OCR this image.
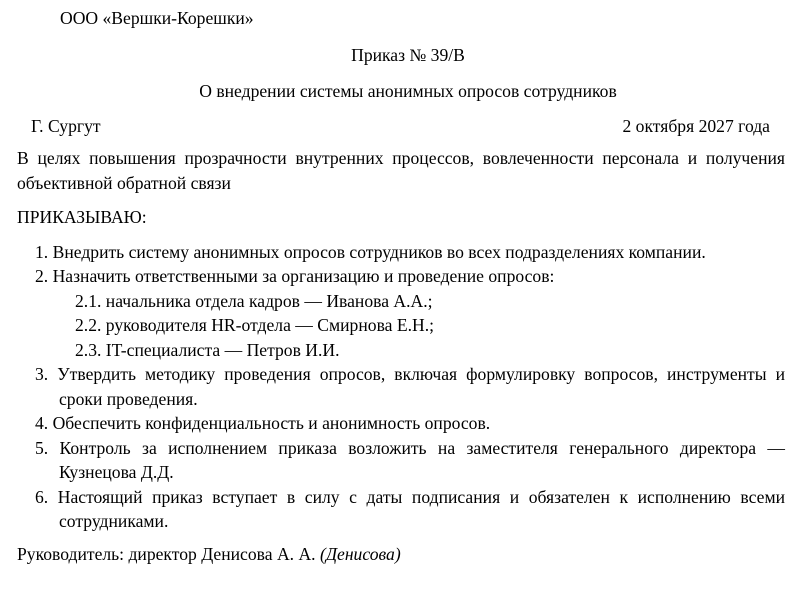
ООО «Вершки-Корешки»
Приказ № 39/В
О внедрении системы анонимных опросов сотрудников
Г. Сургут	2 октября 2027 года
В целях повышения прозрачности внутренних процессов, вовлеченности персонала и получения объективной обратной связи
ПРИКАЗЫВАЮ:
1. Внедрить систему анонимных опросов сотрудников во всех подразделениях компании.
2. Назначить ответственными за организацию и проведение опросов:
2.1. начальника отдела кадров — Иванова А.А.;
2.2. руководителя HR-отдела — Смирнова Е.Н.;
2.3. IT-специалиста — Петров И.И.
3. Утвердить методику проведения опросов, включая формулировку вопросов, инструменты и сроки проведения.
4. Обеспечить конфиденциальность и анонимность опросов.
5. Контроль за исполнением приказа возложить на заместителя генерального директора — Кузнецова Д.Д.
6. Настоящий приказ вступает в силу с даты подписания и обязателен к исполнению всеми сотрудниками.
Руководитель: директор Денисова А. А. (Денисова)
